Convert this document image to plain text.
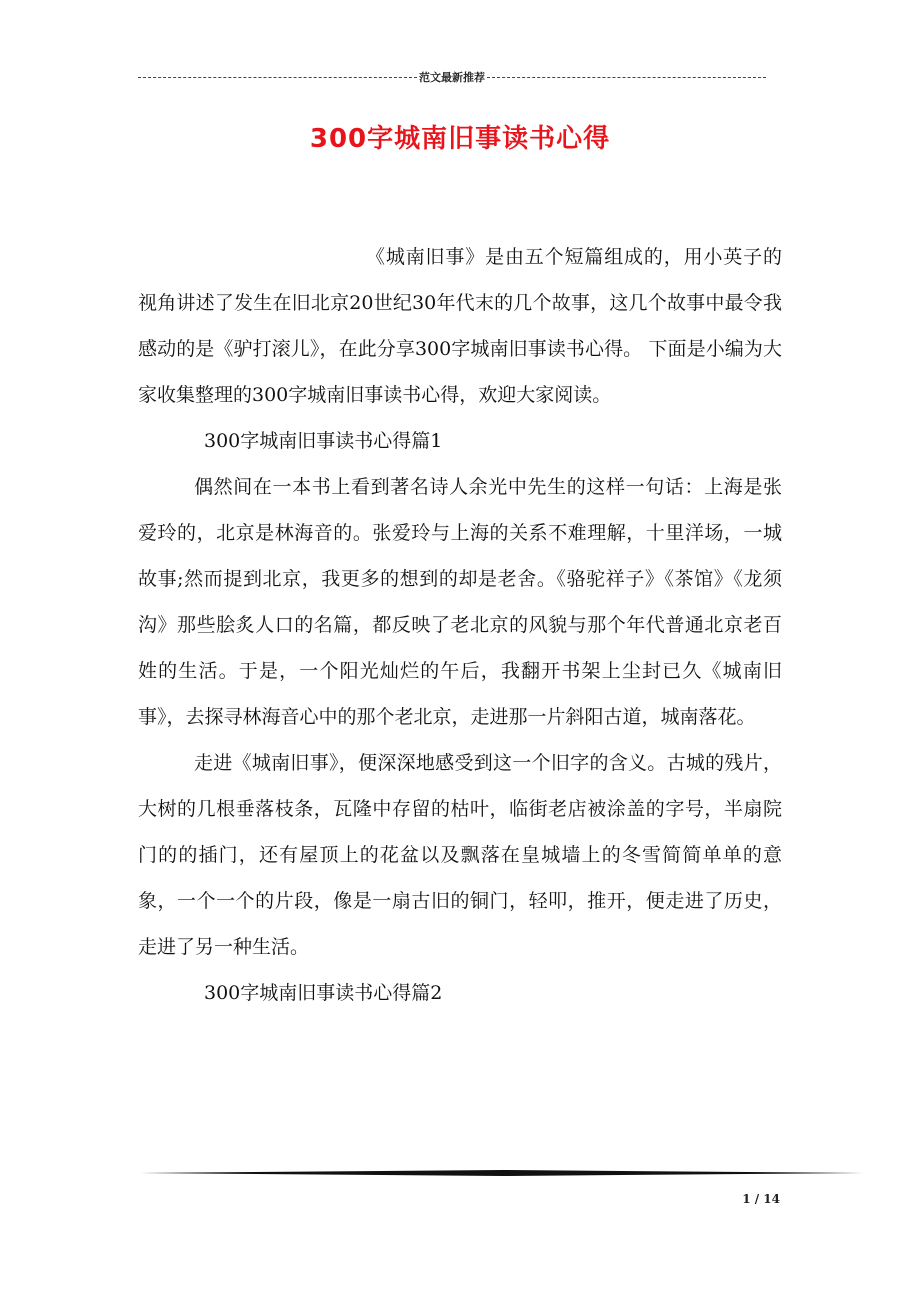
范文最新推荐
300字城南旧事读书心得

《城南旧事》是由五个短篇组成的，用小英子的视角讲述了发生在旧北京20世纪30年代末的几个故事，这几个故事中最令我感动的是《驴打滚儿》，在此分享300字城南旧事读书心得。 下面是小编为大家收集整理的300字城南旧事读书心得，欢迎大家阅读。

300字城南旧事读书心得篇1

偶然间在一本书上看到著名诗人余光中先生的这样一句话：上海是张爱玲的，北京是林海音的。张爱玲与上海的关系不难理解，十里洋场，一城故事;然而提到北京，我更多的想到的却是老舍。《骆驼祥子》《茶馆》《龙须沟》那些脍炙人口的名篇，都反映了老北京的风貌与那个年代普通北京老百姓的生活。于是，一个阳光灿烂的午后，我翻开书架上尘封已久《城南旧事》，去探寻林海音心中的那个老北京，走进那一片斜阳古道，城南落花。

走进《城南旧事》，便深深地感受到这一个旧字的含义。古城的残片，大树的几根垂落枝条，瓦隆中存留的枯叶，临街老店被涂盖的字号，半扇院门的的插门，还有屋顶上的花盆以及飘落在皇城墙上的冬雪简简单单的意象，一个一个的片段，像是一扇古旧的铜门，轻叩，推开，便走进了历史，走进了另一种生活。

300字城南旧事读书心得篇2

1 / 14
